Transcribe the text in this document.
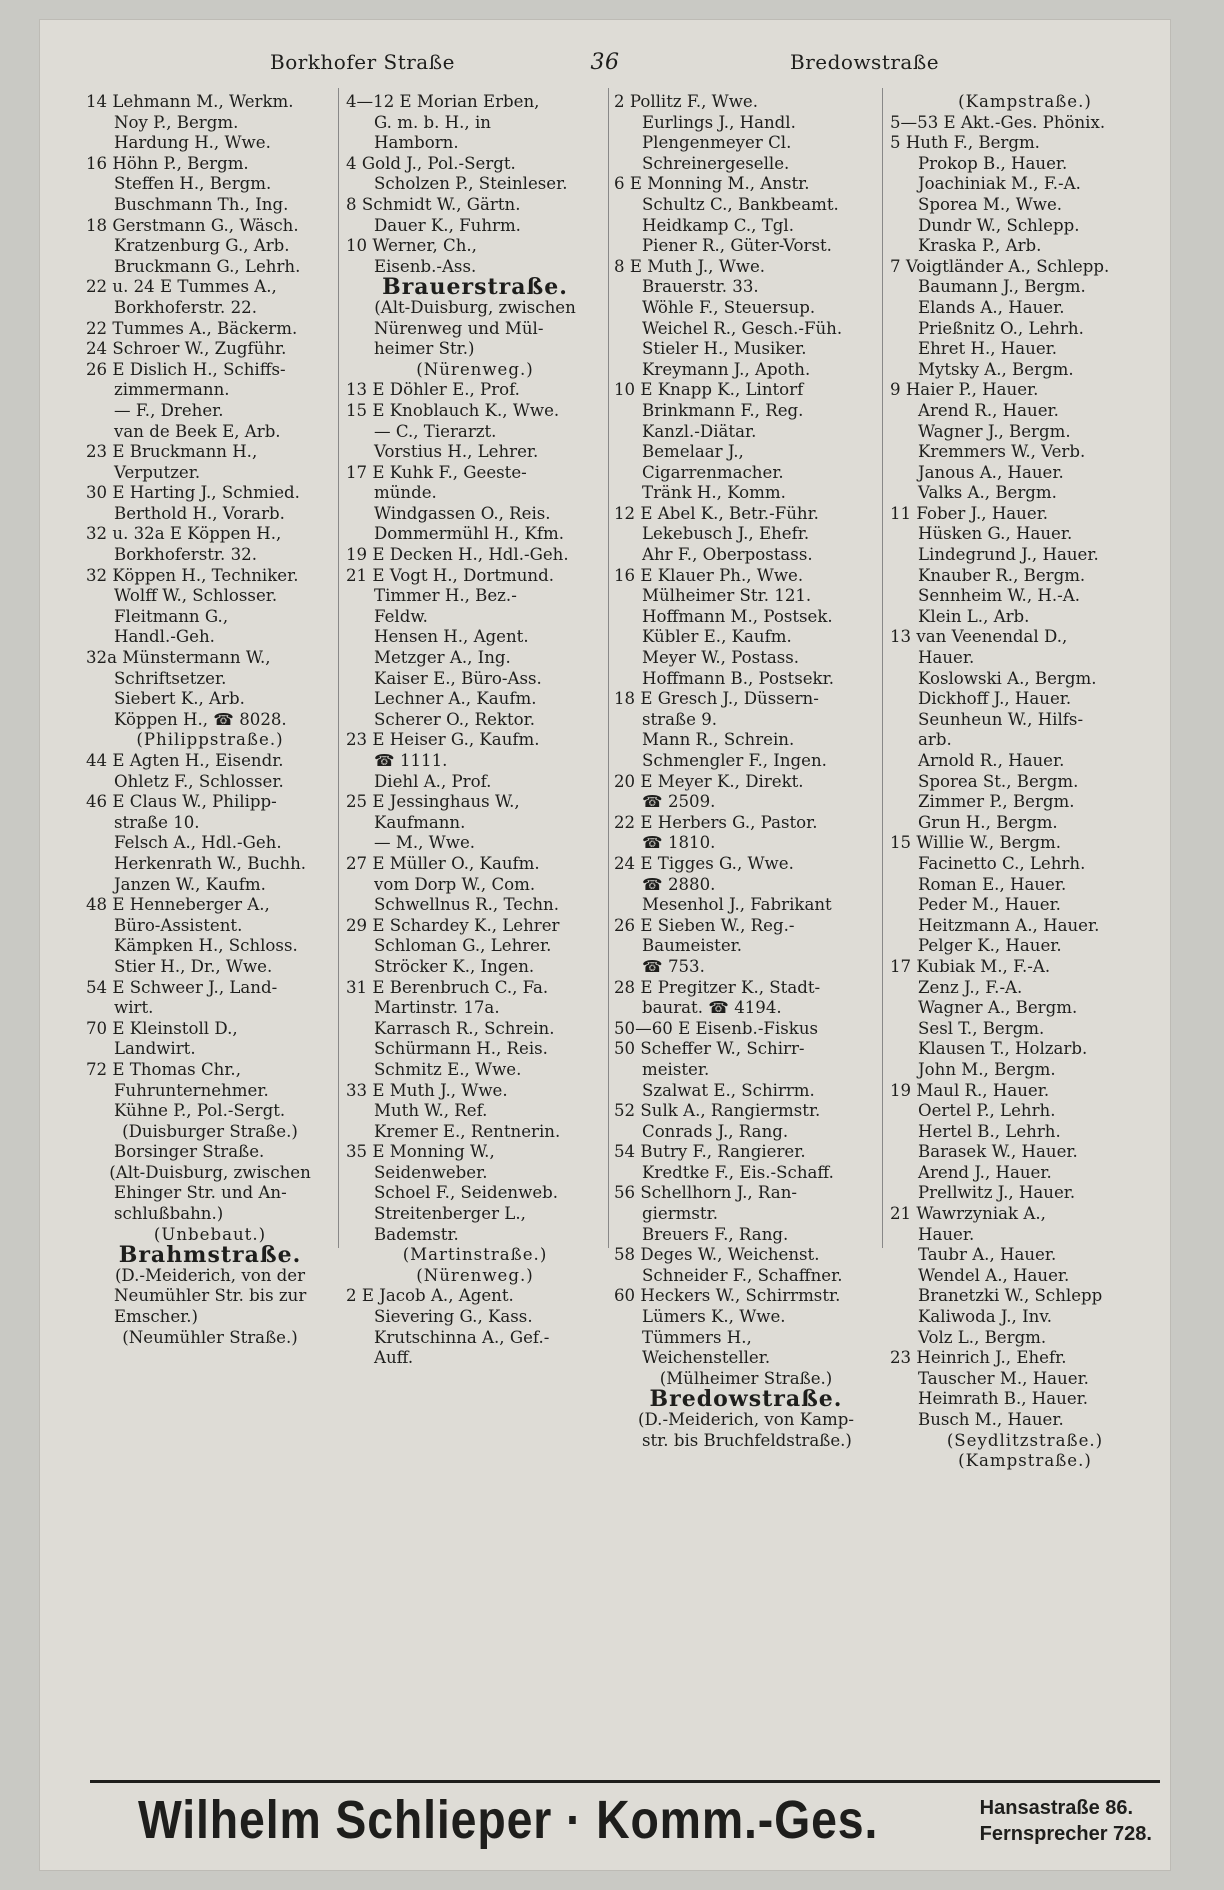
Borkhofer Straße	36	Bredowstraße
14 Lehmann M., Werkm.
Noy P., Bergm.
Hardung H., Wwe.
16 Höhn P., Bergm.
Steffen H., Bergm.
Buschmann Th., Ing.
18 Gerstmann G., Wäsch.
Kratzenburg G., Arb.
Bruckmann G., Lehrh.
22 u. 24 E Tummes A.,
Borkhoferstr. 22.
22 Tummes A., Bäckerm.
24 Schroer W., Zugführ.
26 E Dislich H., Schiffs-
zimmermann.
— F., Dreher.
van de Beek E, Arb.
23 E Bruckmann H.,
Verputzer.
30 E Harting J., Schmied.
Berthold H., Vorarb.
32 u. 32a E Köppen H.,
Borkhoferstr. 32.
32 Köppen H., Techniker.
Wolff W., Schlosser.
Fleitmann G.,
Handl.-Geh.
32a Münstermann W.,
Schriftsetzer.
Siebert K., Arb.
Köppen H., ☎ 8028.
(Philippstraße.)
44 E Agten H., Eisendr.
Ohletz F., Schlosser.
46 E Claus W., Philipp-
straße 10.
Felsch A., Hdl.-Geh.
Herkenrath W., Buchh.
Janzen W., Kaufm.
48 E Henneberger A.,
Büro-Assistent.
Kämpken H., Schloss.
Stier H., Dr., Wwe.
54 E Schweer J., Land-
wirt.
70 E Kleinstoll D.,
Landwirt.
72 E Thomas Chr.,
Fuhrunternehmer.
Kühne P., Pol.-Sergt.
(Duisburger Straße.)
Borsinger Straße.
(Alt-Duisburg, zwischen
Ehinger Str. und An-
schlußbahn.)
(Unbebaut.)
Brahmstraße.
(D.-Meiderich, von der
Neumühler Str. bis zur
Emscher.)
(Neumühler Straße.)
4—12 E Morian Erben,
G. m. b. H., in
Hamborn.
4 Gold J., Pol.-Sergt.
Scholzen P., Steinleser.
8 Schmidt W., Gärtn.
Dauer K., Fuhrm.
10 Werner, Ch.,
Eisenb.-Ass.
Brauerstraße.
(Alt-Duisburg, zwischen
Nürenweg und Mül-
heimer Str.)
(Nürenweg.)
13 E Döhler E., Prof.
15 E Knoblauch K., Wwe.
— C., Tierarzt.
Vorstius H., Lehrer.
17 E Kuhk F., Geeste-
münde.
Windgassen O., Reis.
Dommermühl H., Kfm.
19 E Decken H., Hdl.-Geh.
21 E Vogt H., Dortmund.
Timmer H., Bez.-
Feldw.
Hensen H., Agent.
Metzger A., Ing.
Kaiser E., Büro-Ass.
Lechner A., Kaufm.
Scherer O., Rektor.
23 E Heiser G., Kaufm.
☎ 1111.
Diehl A., Prof.
25 E Jessinghaus W.,
Kaufmann.
— M., Wwe.
27 E Müller O., Kaufm.
vom Dorp W., Com.
Schwellnus R., Techn.
29 E Schardey K., Lehrer
Schloman G., Lehrer.
Ströcker K., Ingen.
31 E Berenbruch C., Fa.
Martinstr. 17a.
Karrasch R., Schrein.
Schürmann H., Reis.
Schmitz E., Wwe.
33 E Muth J., Wwe.
Muth W., Ref.
Kremer E., Rentnerin.
35 E Monning W.,
Seidenweber.
Schoel F., Seidenweb.
Streitenberger L.,
Bademstr.
(Martinstraße.)
(Nürenweg.)
2 E Jacob A., Agent.
Sievering G., Kass.
Krutschinna A., Gef.-
Auff.
2 Pollitz F., Wwe.
Eurlings J., Handl.
Plengenmeyer Cl.
Schreinergeselle.
6 E Monning M., Anstr.
Schultz C., Bankbeamt.
Heidkamp C., Tgl.
Piener R., Güter-Vorst.
8 E Muth J., Wwe.
Brauerstr. 33.
Wöhle F., Steuersup.
Weichel R., Gesch.-Füh.
Stieler H., Musiker.
Kreymann J., Apoth.
10 E Knapp K., Lintorf
Brinkmann F., Reg.
Kanzl.-Diätar.
Bemelaar J.,
Cigarrenmacher.
Tränk H., Komm.
12 E Abel K., Betr.-Führ.
Lekebusch J., Ehefr.
Ahr F., Oberpostass.
16 E Klauer Ph., Wwe.
Mülheimer Str. 121.
Hoffmann M., Postsek.
Kübler E., Kaufm.
Meyer W., Postass.
Hoffmann B., Postsekr.
18 E Gresch J., Düssern-
straße 9.
Mann R., Schrein.
Schmengler F., Ingen.
20 E Meyer K., Direkt.
☎ 2509.
22 E Herbers G., Pastor.
☎ 1810.
24 E Tigges G., Wwe.
☎ 2880.
Mesenhol J., Fabrikant
26 E Sieben W., Reg.-
Baumeister.
☎ 753.
28 E Pregitzer K., Stadt-
baurat. ☎ 4194.
50—60 E Eisenb.-Fiskus
50 Scheffer W., Schirr-
meister.
Szalwat E., Schirrm.
52 Sulk A., Rangiermstr.
Conrads J., Rang.
54 Butry F., Rangierer.
Kredtke F., Eis.-Schaff.
56 Schellhorn J., Ran-
giermstr.
Breuers F., Rang.
58 Deges W., Weichenst.
Schneider F., Schaffner.
60 Heckers W., Schirrmstr.
Lümers K., Wwe.
Tümmers H.,
Weichensteller.
(Mülheimer Straße.)
Bredowstraße.
(D.-Meiderich, von Kamp-
str. bis Bruchfeldstraße.)
(Kampstraße.)
5—53 E Akt.-Ges. Phönix.
5 Huth F., Bergm.
Prokop B., Hauer.
Joachiniak M., F.-A.
Sporea M., Wwe.
Dundr W., Schlepp.
Kraska P., Arb.
7 Voigtländer A., Schlepp.
Baumann J., Bergm.
Elands A., Hauer.
Prießnitz O., Lehrh.
Ehret H., Hauer.
Mytsky A., Bergm.
9 Haier P., Hauer.
Arend R., Hauer.
Wagner J., Bergm.
Kremmers W., Verb.
Janous A., Hauer.
Valks A., Bergm.
11 Fober J., Hauer.
Hüsken G., Hauer.
Lindegrund J., Hauer.
Knauber R., Bergm.
Sennheim W., H.-A.
Klein L., Arb.
13 van Veenendal D.,
Hauer.
Koslowski A., Bergm.
Dickhoff J., Hauer.
Seunheun W., Hilfs-
arb.
Arnold R., Hauer.
Sporea St., Bergm.
Zimmer P., Bergm.
Grun H., Bergm.
15 Willie W., Bergm.
Facinetto C., Lehrh.
Roman E., Hauer.
Peder M., Hauer.
Heitzmann A., Hauer.
Pelger K., Hauer.
17 Kubiak M., F.-A.
Zenz J., F.-A.
Wagner A., Bergm.
Sesl T., Bergm.
Klausen T., Holzarb.
John M., Bergm.
19 Maul R., Hauer.
Oertel P., Lehrh.
Hertel B., Lehrh.
Barasek W., Hauer.
Arend J., Hauer.
Prellwitz J., Hauer.
21 Wawrzyniak A.,
Hauer.
Taubr A., Hauer.
Wendel A., Hauer.
Branetzki W., Schlepp
Kaliwoda J., Inv.
Volz L., Bergm.
23 Heinrich J., Ehefr.
Tauscher M., Hauer.
Heimrath B., Hauer.
Busch M., Hauer.
(Seydlitzstraße.)
(Kampstraße.)
Wilhelm Schlieper · Komm.-Ges.	Hansastraße 86.
Fernsprecher 728.
